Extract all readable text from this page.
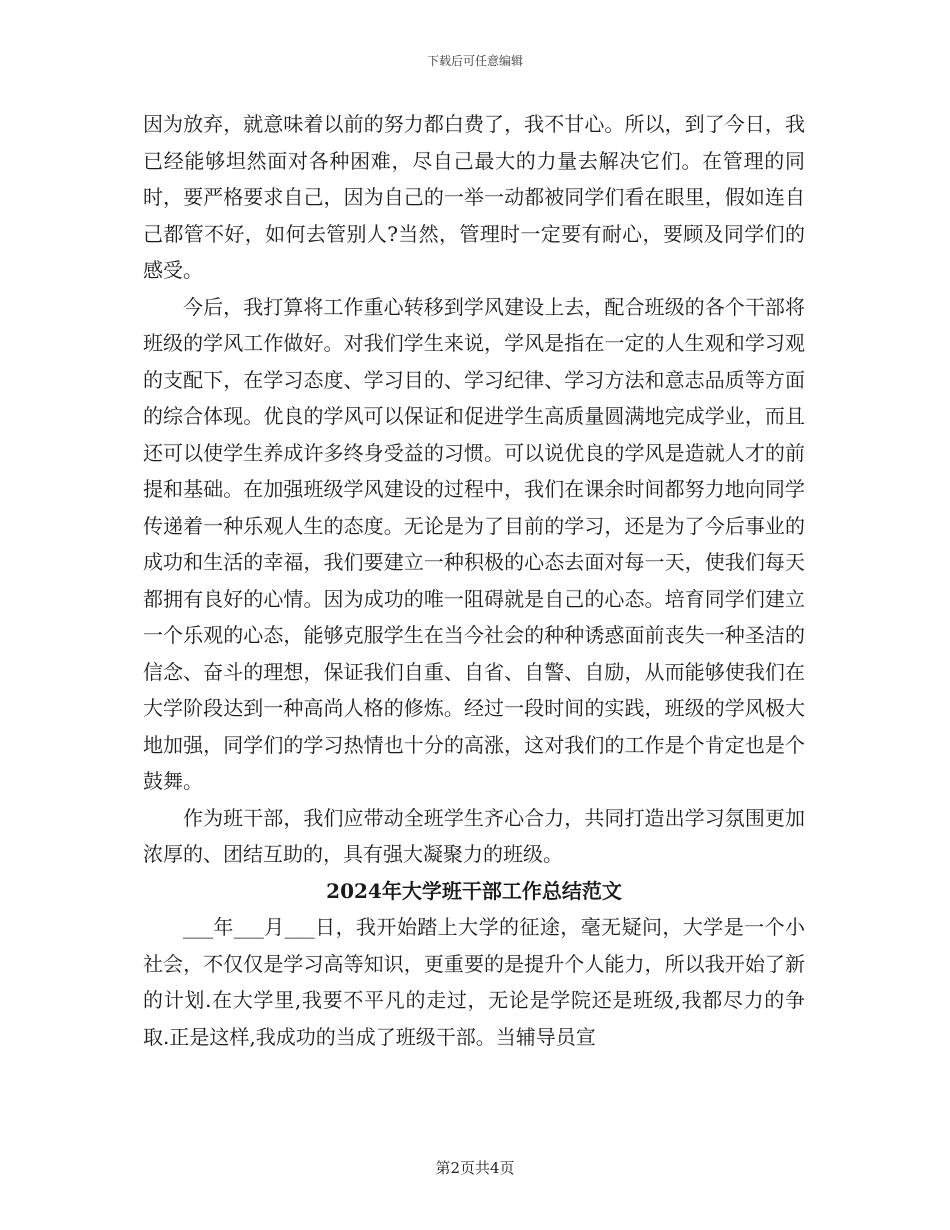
下载后可任意编辑

因为放弃，就意味着以前的努力都白费了，我不甘心。所以，到了今日，我已经能够坦然面对各种困难，尽自己最大的力量去解决它们。在管理的同时，要严格要求自己，因为自己的一举一动都被同学们看在眼里，假如连自己都管不好，如何去管别人?当然，管理时一定要有耐心，要顾及同学们的感受。

今后，我打算将工作重心转移到学风建设上去，配合班级的各个干部将班级的学风工作做好。对我们学生来说，学风是指在一定的人生观和学习观的支配下，在学习态度、学习目的、学习纪律、学习方法和意志品质等方面的综合体现。优良的学风可以保证和促进学生高质量圆满地完成学业，而且还可以使学生养成许多终身受益的习惯。可以说优良的学风是造就人才的前提和基础。在加强班级学风建设的过程中，我们在课余时间都努力地向同学传递着一种乐观人生的态度。无论是为了目前的学习，还是为了今后事业的成功和生活的幸福，我们要建立一种积极的心态去面对每一天，使我们每天都拥有良好的心情。因为成功的唯一阻碍就是自己的心态。培育同学们建立一个乐观的心态，能够克服学生在当今社会的种种诱惑面前丧失一种圣洁的信念、奋斗的理想，保证我们自重、自省、自警、自励，从而能够使我们在大学阶段达到一种高尚人格的修炼。经过一段时间的实践，班级的学风极大地加强，同学们的学习热情也十分的高涨，这对我们的工作是个肯定也是个鼓舞。

作为班干部，我们应带动全班学生齐心合力，共同打造出学习氛围更加浓厚的、团结互助的，具有强大凝聚力的班级。

2024年大学班干部工作总结范文

___年___月___日，我开始踏上大学的征途，毫无疑问，大学是一个小社会，不仅仅是学习高等知识，更重要的是提升个人能力，所以我开始了新的计划.在大学里,我要不平凡的走过，无论是学院还是班级,我都尽力的争取.正是这样,我成功的当成了班级干部。当辅导员宣

第2页共4页
